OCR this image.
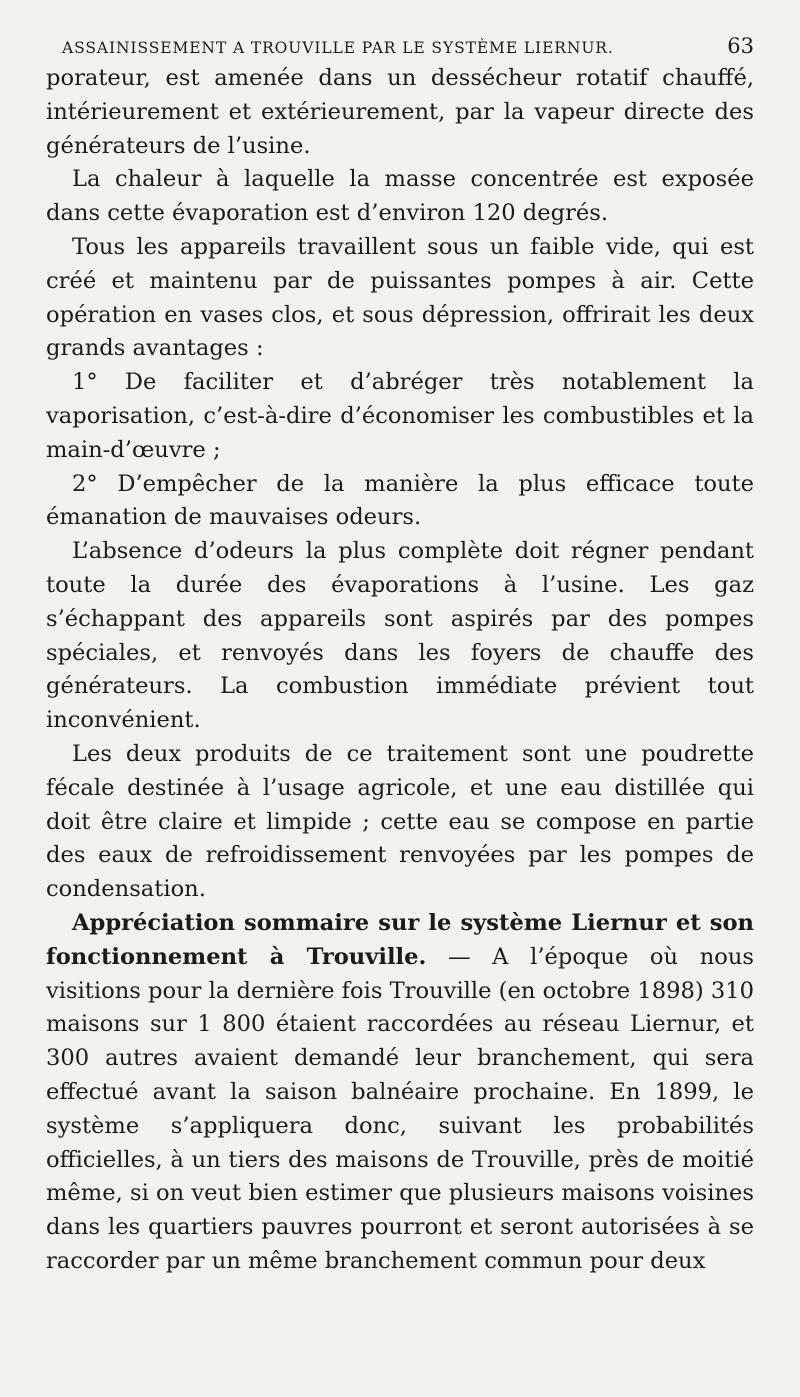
ASSAINISSEMENT A TROUVILLE PAR LE SYSTÈME LIERNUR.	63

porateur, est amenée dans un dessécheur rotatif chauffé, intérieurement et extérieurement, par la vapeur directe des générateurs de l’usine.

La chaleur à laquelle la masse concentrée est exposée dans cette évaporation est d’environ 120 degrés.

Tous les appareils travaillent sous un faible vide, qui est créé et maintenu par de puissantes pompes à air. Cette opération en vases clos, et sous dépression, offrirait les deux grands avantages :

1° De faciliter et d’abréger très notablement la vaporisation, c’est-à-dire d’économiser les combustibles et la main-d’œuvre ;

2° D’empêcher de la manière la plus efficace toute émanation de mauvaises odeurs.

L’absence d’odeurs la plus complète doit régner pendant toute la durée des évaporations à l’usine. Les gaz s’échappant des appareils sont aspirés par des pompes spéciales, et renvoyés dans les foyers de chauffe des générateurs. La combustion immédiate prévient tout inconvénient.

Les deux produits de ce traitement sont une poudrette fécale destinée à l’usage agricole, et une eau distillée qui doit être claire et limpide ; cette eau se compose en partie des eaux de refroidissement renvoyées par les pompes de condensation.

Appréciation sommaire sur le système Liernur et son fonctionnement à Trouville. — A l’époque où nous visitions pour la dernière fois Trouville (en octobre 1898) 310 maisons sur 1 800 étaient raccordées au réseau Liernur, et 300 autres avaient demandé leur branchement, qui sera effectué avant la saison balnéaire prochaine. En 1899, le système s’appliquera donc, suivant les probabilités officielles, à un tiers des maisons de Trouville, près de moitié même, si on veut bien estimer que plusieurs maisons voisines dans les quartiers pauvres pourront et seront autorisées à se raccorder par un même branchement commun pour deux
